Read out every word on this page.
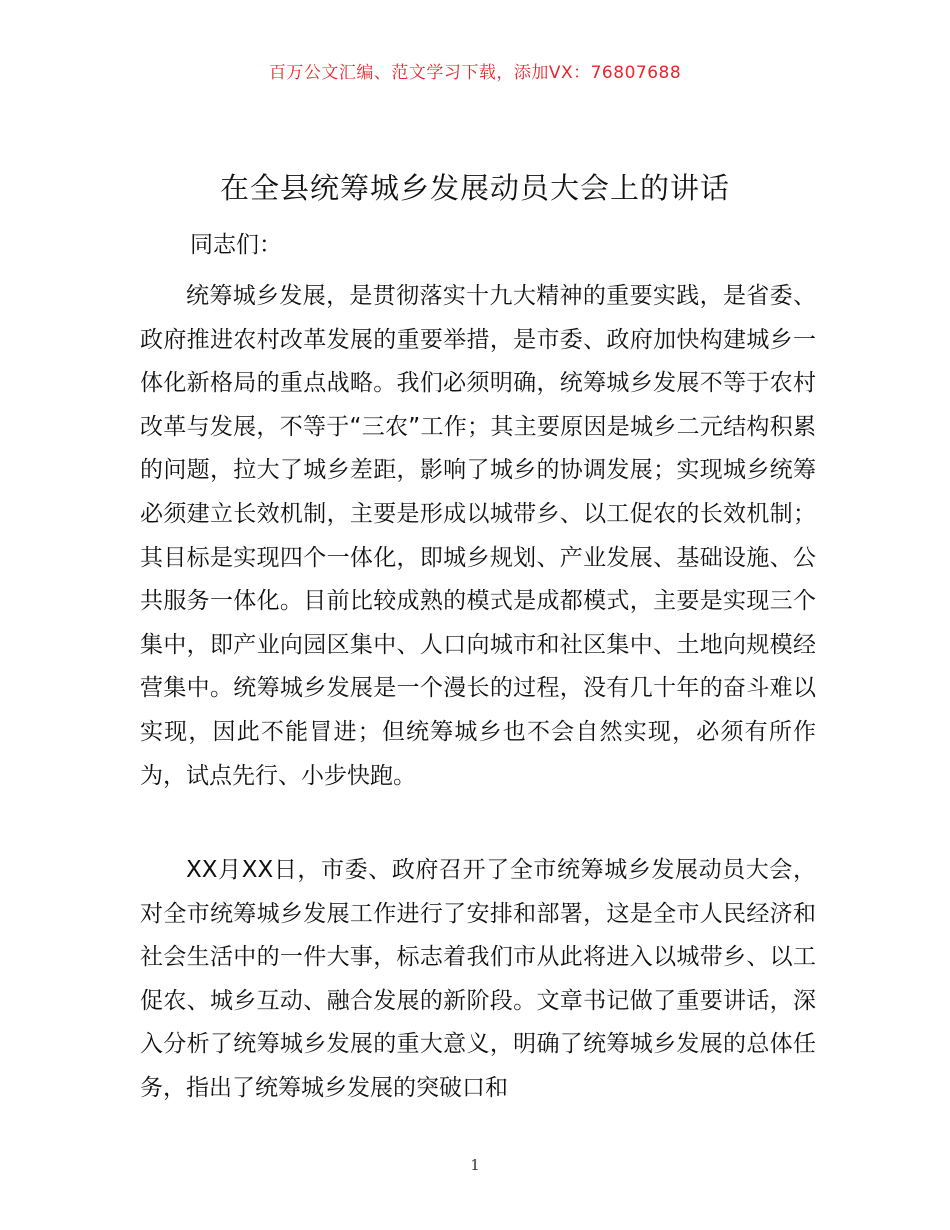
百万公文汇编、范文学习下载，添加VX：76807688
在全县统筹城乡发展动员大会上的讲话
同志们：

统筹城乡发展，是贯彻落实十九大精神的重要实践，是省委、政府推进农村改革发展的重要举措，是市委、政府加快构建城乡一体化新格局的重点战略。我们必须明确，统筹城乡发展不等于农村改革与发展，不等于“三农”工作；其主要原因是城乡二元结构积累的问题，拉大了城乡差距，影响了城乡的协调发展；实现城乡统筹必须建立长效机制，主要是形成以城带乡、以工促农的长效机制；其目标是实现四个一体化，即城乡规划、产业发展、基础设施、公共服务一体化。目前比较成熟的模式是成都模式，主要是实现三个集中，即产业向园区集中、人口向城市和社区集中、土地向规模经营集中。统筹城乡发展是一个漫长的过程，没有几十年的奋斗难以实现，因此不能冒进；但统筹城乡也不会自然实现，必须有所作为，试点先行、小步快跑。

XX月XX日，市委、政府召开了全市统筹城乡发展动员大会，对全市统筹城乡发展工作进行了安排和部署，这是全市人民经济和社会生活中的一件大事，标志着我们市从此将进入以城带乡、以工促农、城乡互动、融合发展的新阶段。文章书记做了重要讲话，深入分析了统筹城乡发展的重大意义，明确了统筹城乡发展的总体任务，指出了统筹城乡发展的突破口和

1
